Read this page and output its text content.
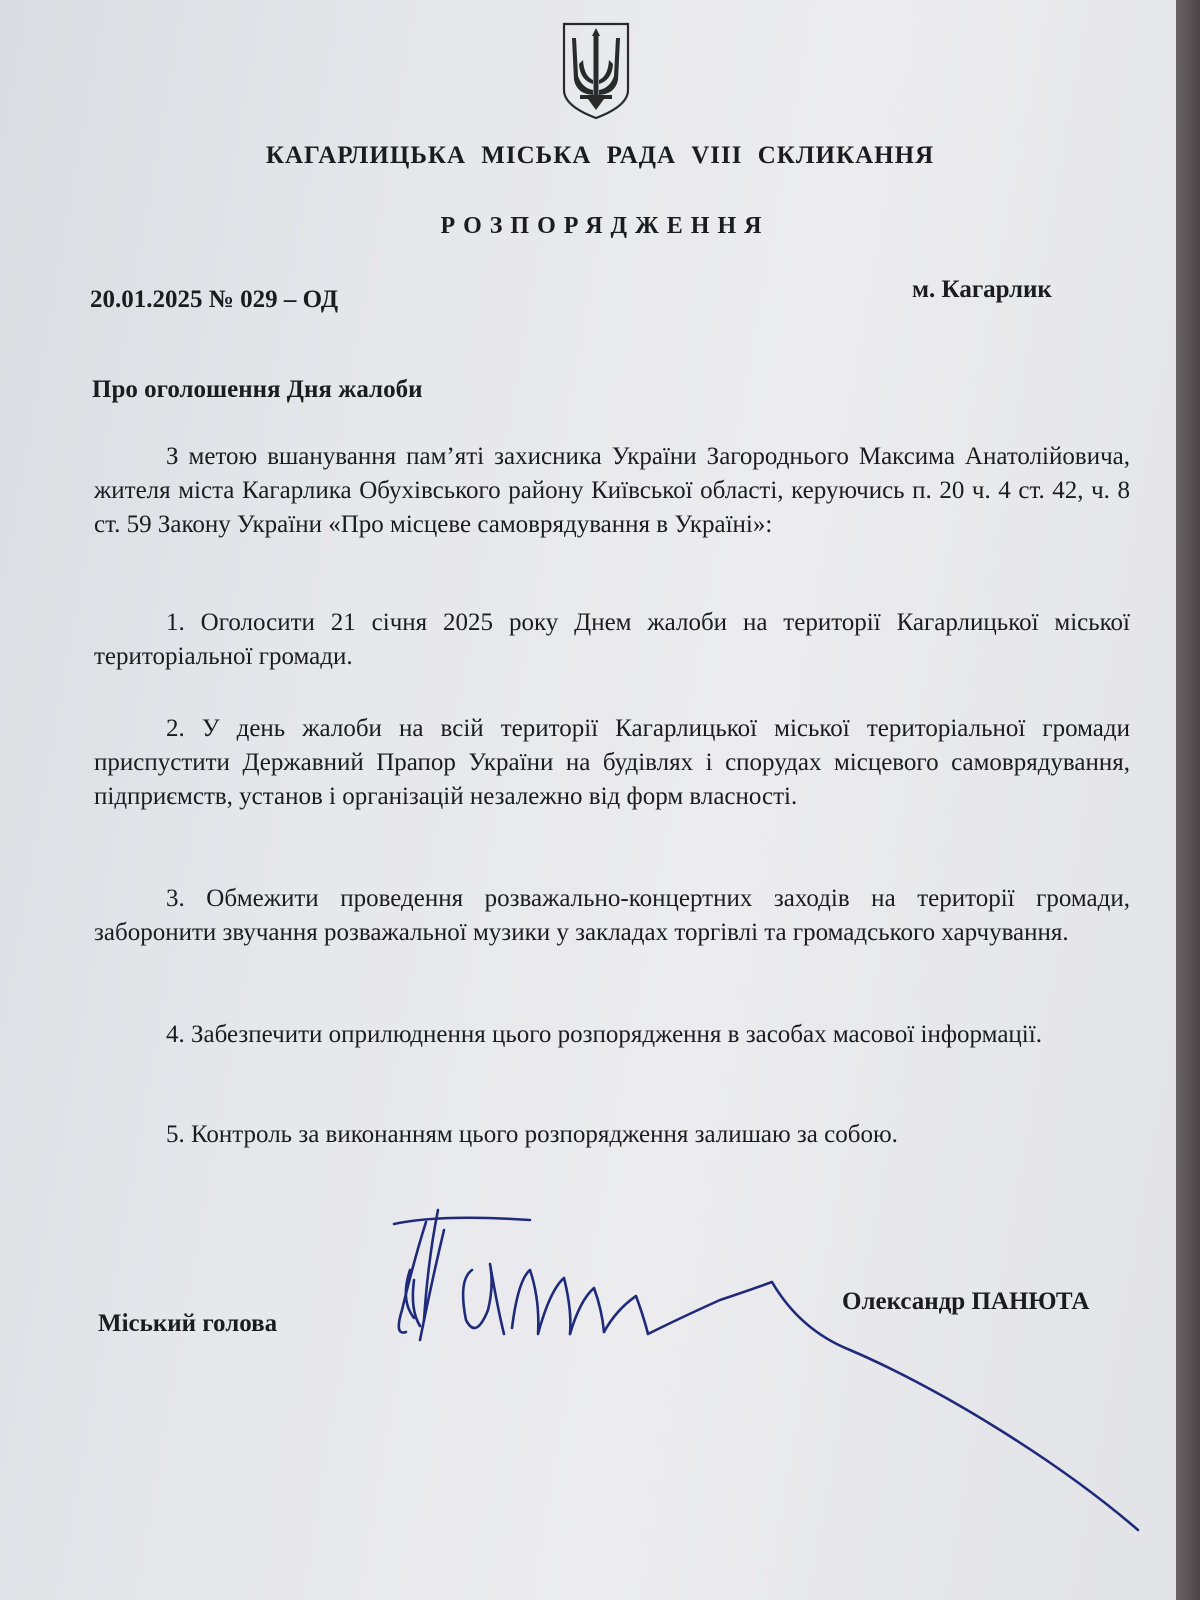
КАГАРЛИЦЬКА МІСЬКА РАДА VIII СКЛИКАННЯ
РОЗПОРЯДЖЕННЯ
20.01.2025 № 029 – ОД	м. Кагарлик
Про оголошення Дня жалоби

З метою вшанування пам’яті захисника України Загороднього Максима Анатолійовича, жителя міста Кагарлика Обухівського району Київської області, керуючись п. 20 ч. 4 ст. 42, ч. 8 ст. 59 Закону України «Про місцеве самоврядування в Україні»:

1. Оголосити 21 січня 2025 року Днем жалоби на території Кагарлицької міської територіальної громади.

2. У день жалоби на всій території Кагарлицької міської територіальної громади приспустити Державний Прапор України на будівлях і спорудах місцевого самоврядування, підприємств, установ і організацій незалежно від форм власності.

3. Обмежити проведення розважально-концертних заходів на території громади, заборонити звучання розважальної музики у закладах торгівлі та громадського харчування.

4. Забезпечити оприлюднення цього розпорядження в засобах масової інформації.

5. Контроль за виконанням цього розпорядження залишаю за собою.

Міський голова
Олександр ПАНЮТА
